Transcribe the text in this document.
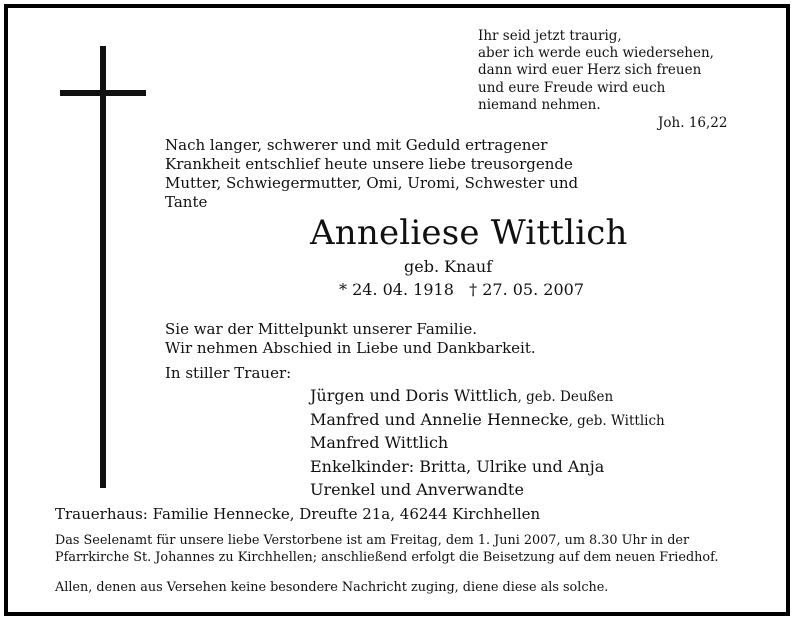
Ihr seid jetzt traurig,
aber ich werde euch wiedersehen,
dann wird euer Herz sich freuen
und eure Freude wird euch
niemand nehmen.
Joh. 16,22
Nach langer, schwerer und mit Geduld ertragener
Krankheit entschlief heute unsere liebe treusorgende
Mutter, Schwiegermutter, Omi, Uromi, Schwester und
Tante
Anneliese Wittlich
geb. Knauf
* 24. 04. 1918   † 27. 05. 2007
Sie war der Mittelpunkt unserer Familie.
Wir nehmen Abschied in Liebe und Dankbarkeit.
In stiller Trauer:
Jürgen und Doris Wittlich, geb. Deußen
Manfred und Annelie Hennecke, geb. Wittlich
Manfred Wittlich
Enkelkinder: Britta, Ulrike und Anja
Urenkel und Anverwandte
Trauerhaus: Familie Hennecke, Dreufte 21a, 46244 Kirchhellen
Das Seelenamt für unsere liebe Verstorbene ist am Freitag, dem 1. Juni 2007, um 8.30 Uhr in der
Pfarrkirche St. Johannes zu Kirchhellen; anschließend erfolgt die Beisetzung auf dem neuen Friedhof.
Allen, denen aus Versehen keine besondere Nachricht zuging, diene diese als solche.
